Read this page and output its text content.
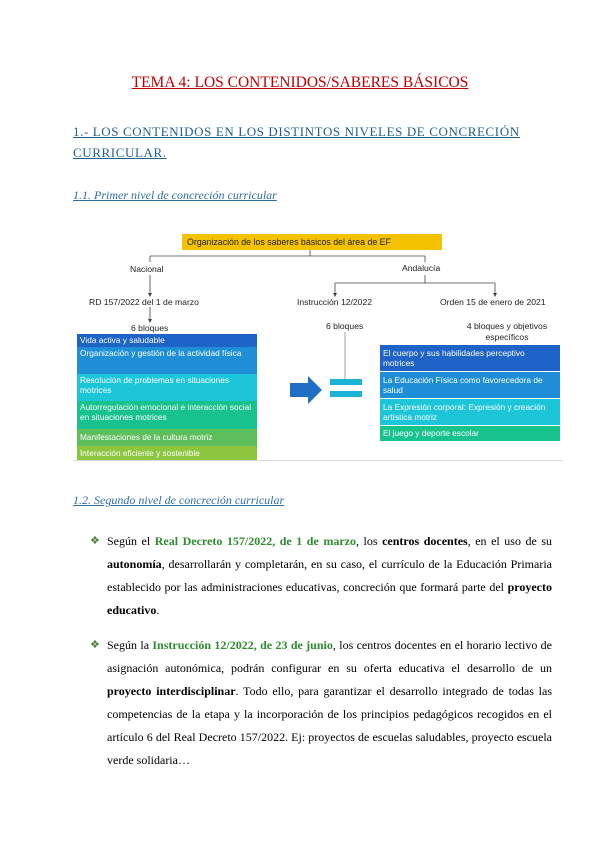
TEMA 4: LOS CONTENIDOS/SABERES BÁSICOS
1.- LOS CONTENIDOS EN LOS DISTINTOS NIVELES DE CONCRECIÓN CURRICULAR.
1.1. Primer nivel de concreción curricular
Organización de los saberes básicos del área de EF
Nacional	Andalucía
RD 157/2022 del 1 de marzo
6 bloques
Instrucción 12/2022
6 bloques
Orden 15 de enero de 2021
4 bloques y objetivos específicos
Vida activa y saludable
Organización y gestión de la actividad física
Resolución de problemas en situaciones motrices
Autorregulación emocional e interacción social en situaciones motrices
Manifestaciones de la cultura motriz
Interacción eficiente y sostenible
El cuerpo y sus habilidades perceptivo motrices
La Educación Física como favorecedora de salud
La Expresión corporal: Expresión y creación artística motriz
El juego y deporte escolar
1.2. Segundo nivel de concreción curricular
❖ Según el Real Decreto 157/2022, de 1 de marzo, los centros docentes, en el uso de su autonomía, desarrollarán y completarán, en su caso, el currículo de la Educación Primaria establecido por las administraciones educativas, concreción que formará parte del proyecto educativo.
❖ Según la Instrucción 12/2022, de 23 de junio, los centros docentes en el horario lectivo de asignación autonómica, podrán configurar en su oferta educativa el desarrollo de un proyecto interdisciplinar. Todo ello, para garantizar el desarrollo integrado de todas las competencias de la etapa y la incorporación de los principios pedagógicos recogidos en el artículo 6 del Real Decreto 157/2022. Ej: proyectos de escuelas saludables, proyecto escuela verde solidaria…
